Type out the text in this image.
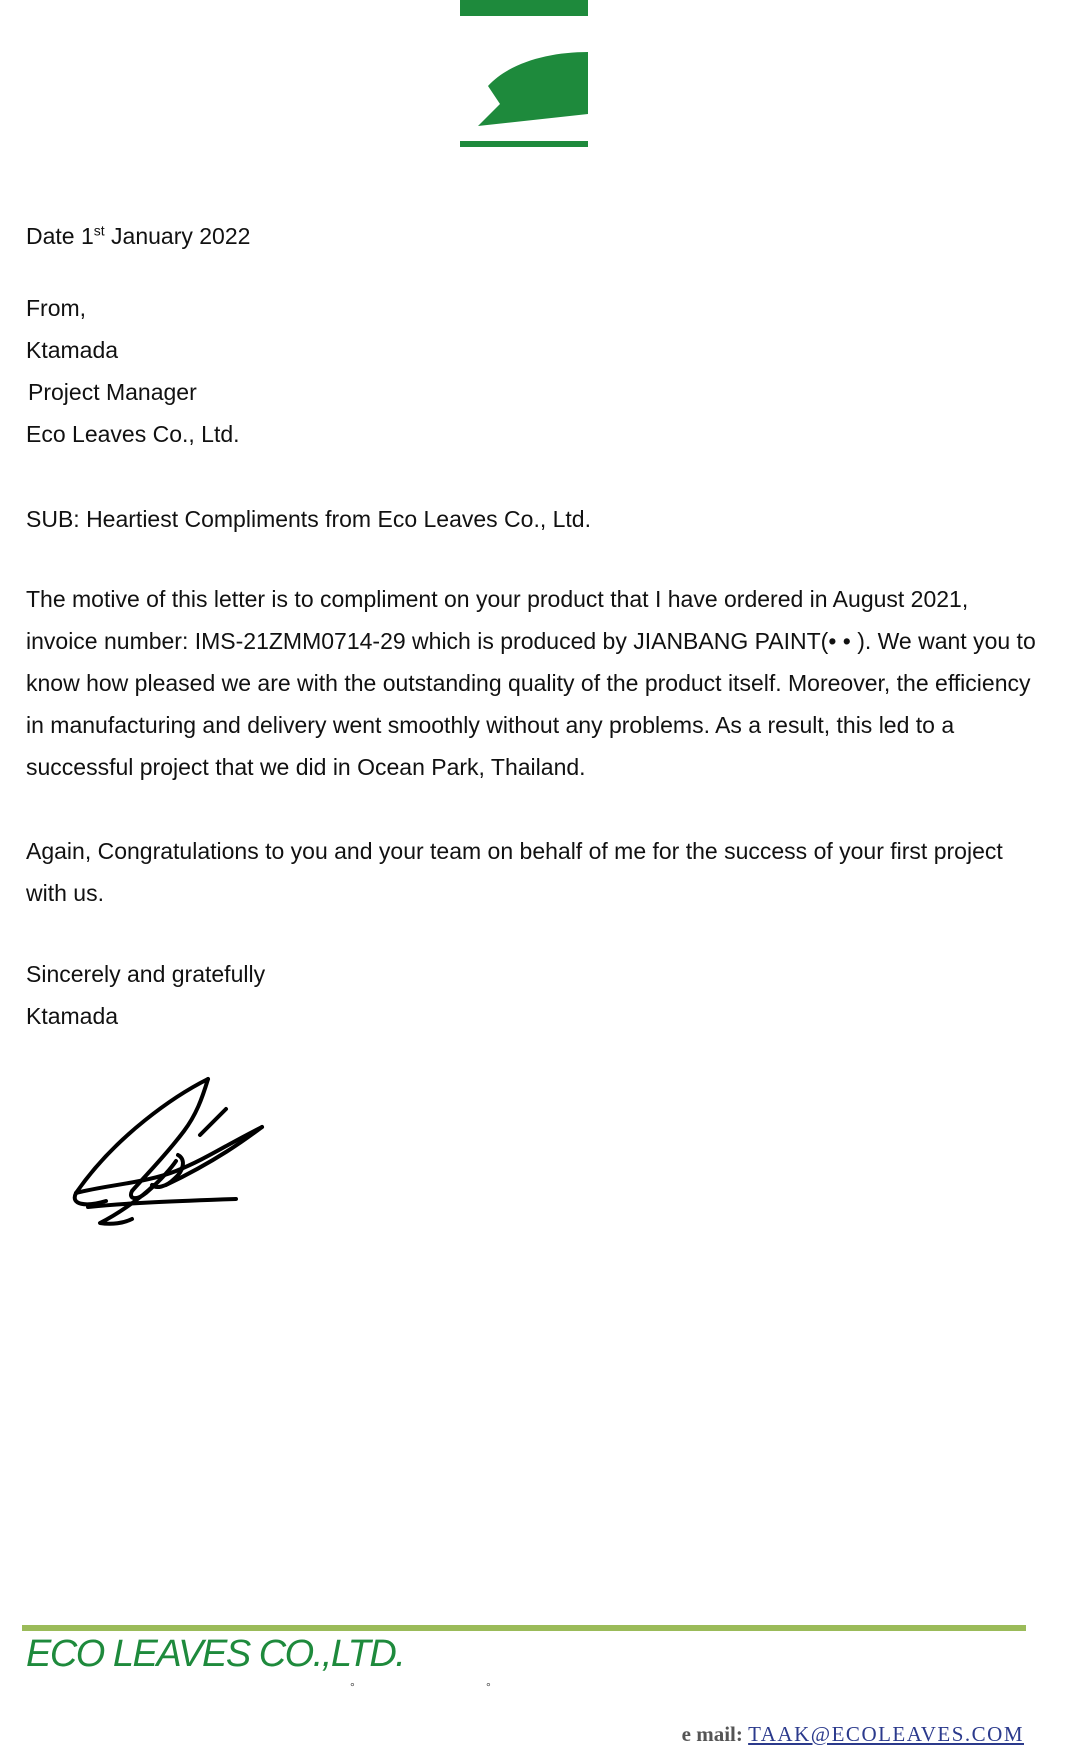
Date 1st January 2022
From,
Ktamada
Project Manager
Eco Leaves Co., Ltd.
SUB: Heartiest Compliments from Eco Leaves Co., Ltd.

The motive of this letter is to compliment on your product that I have ordered in August 2021, invoice number: IMS-21ZMM0714-29 which is produced by JIANBANG PAINT(• • ). We want you to know how pleased we are with the outstanding quality of the product itself. Moreover, the efficiency in manufacturing and delivery went smoothly without any problems. As a result, this led to a successful project that we did in Ocean Park, Thailand.

Again, Congratulations to you and your team on behalf of me for the success of your first project with us.

Sincerely and gratefully
Ktamada
ECO LEAVES CO.,LTD.
°	°
e mail: TAAK@ECOLEAVES.COM
